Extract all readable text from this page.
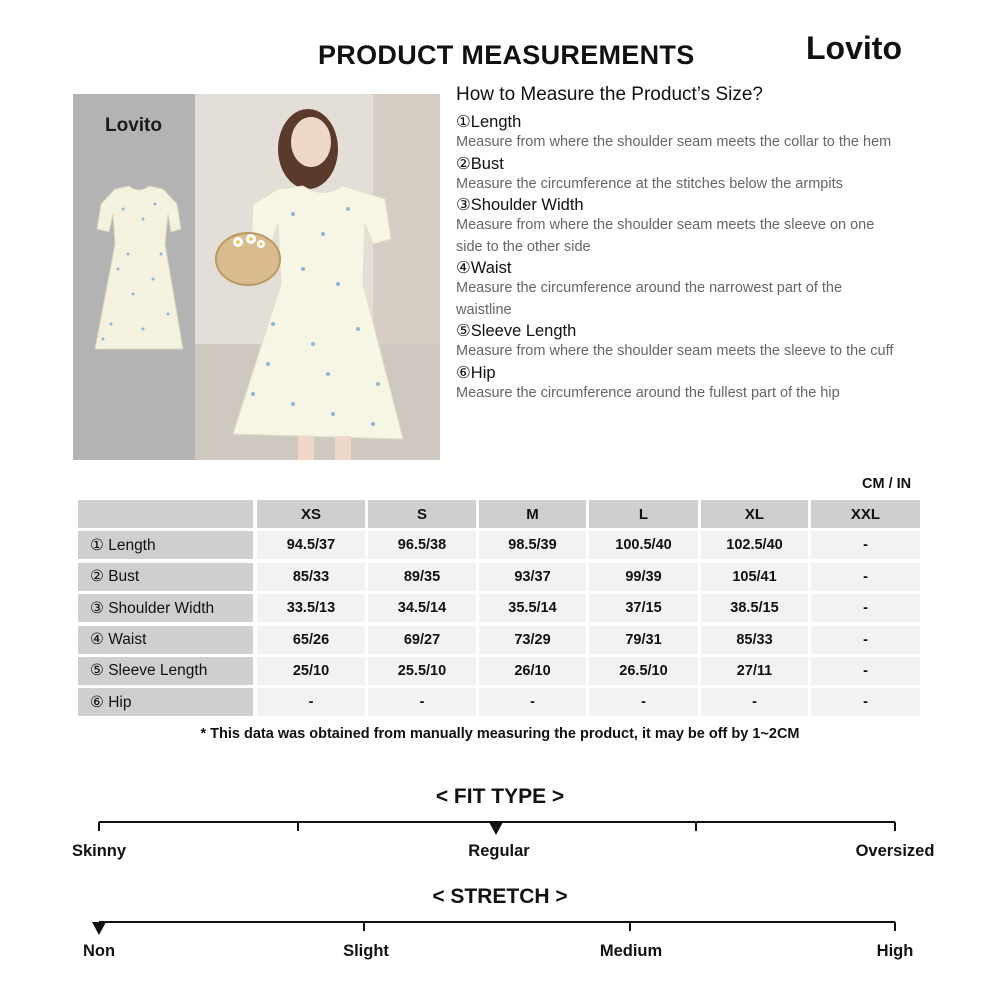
PRODUCT MEASUREMENTS	Lovito
Lovito
How to Measure the Product’s Size?
①Length
Measure from where the shoulder seam meets the collar to the hem
②Bust
Measure the circumference at the stitches below the armpits
③Shoulder Width
Measure from where the shoulder seam meets the sleeve on one side to the other side
④Waist
Measure the circumference around the narrowest part of the waistline
⑤Sleeve Length
Measure from where the shoulder seam meets the sleeve to the cuff
⑥Hip
Measure the circumference around the fullest part of the hip
CM / IN
XS	S	M	L	XL	XXL
① Length	94.5/37	96.5/38	98.5/39	100.5/40	102.5/40	-
② Bust	85/33	89/35	93/37	99/39	105/41	-
③ Shoulder Width	33.5/13	34.5/14	35.5/14	37/15	38.5/15	-
④ Waist	65/26	69/27	73/29	79/31	85/33	-
⑤ Sleeve Length	25/10	25.5/10	26/10	26.5/10	27/11	-
⑥ Hip	-	-	-	-	-	-
* This data was obtained from manually measuring the product, it may be off by 1~2CM
< FIT TYPE >
Skinny	Regular	Oversized
< STRETCH >
Non	Slight	Medium	High
